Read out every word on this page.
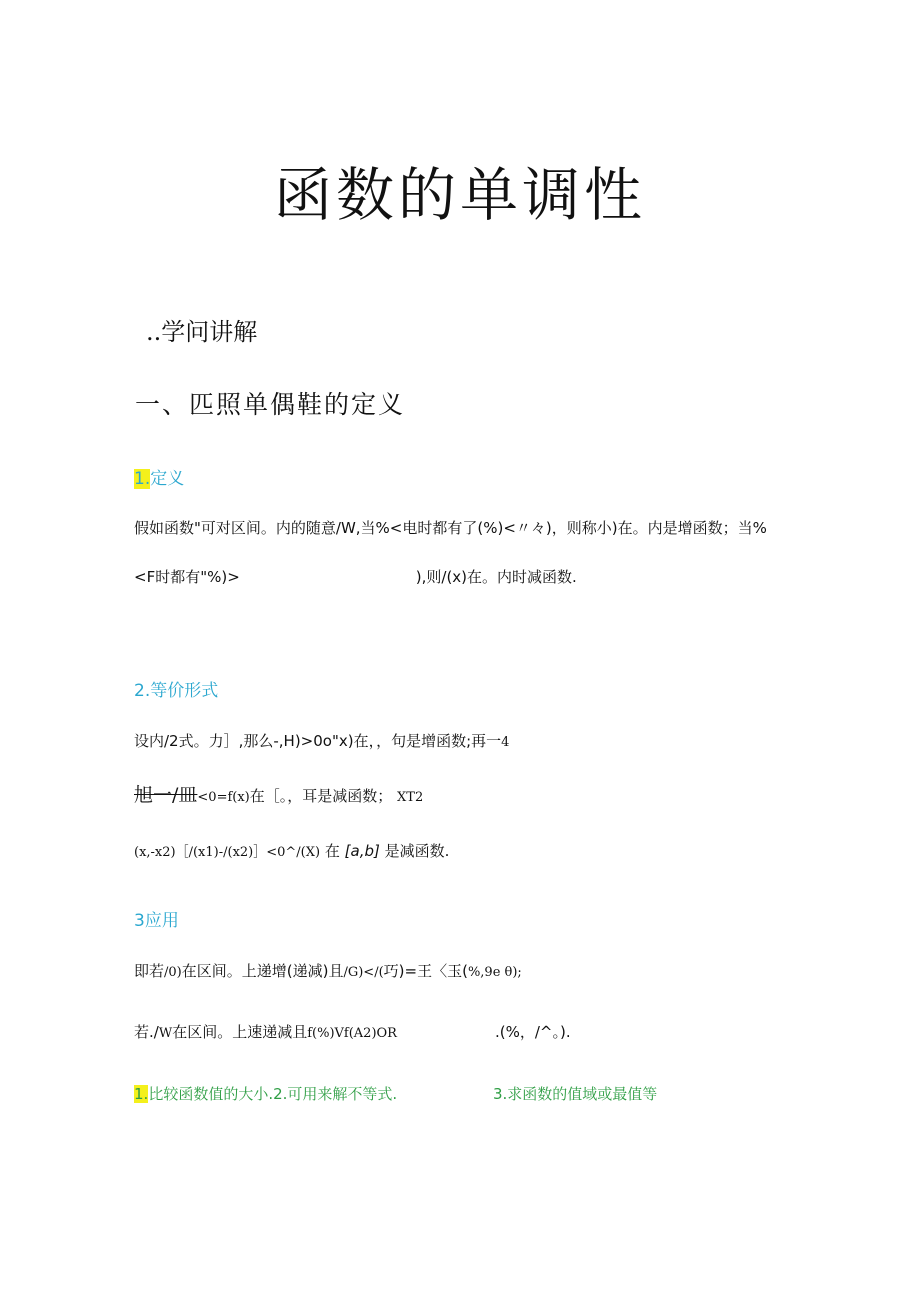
函数的单调性
..学问讲解
一、匹照单偶鞋的定义
1.定义
假如函数"可对区间。内的随意/W,当%<电时都有了(%)<〃々)，则称小)在。内是增函数；当%
<F时都有"%)>	),则/(x)在。内时减函数.
2.等价形式
设内/2式。力］,那么-,H)>0o"x)在，，句是增函数;再一4
旭一/皿<0=f(x)在［。，耳是减函数； XT2
(x,-x2)［/(x1)-/(x2)］<0^/(X) 在 [a,b] 是减函数.
3应用
即若/0)在区间。上递增(递减)且/G)</(巧)=王〈玉(%,9e θ);
若./W在区间。上速递减且f(%)Vf(A2)OR	.(%，/^。).
1.比较函数值的大小.2.可用来解不等式.	3.求函数的值域或最值等
